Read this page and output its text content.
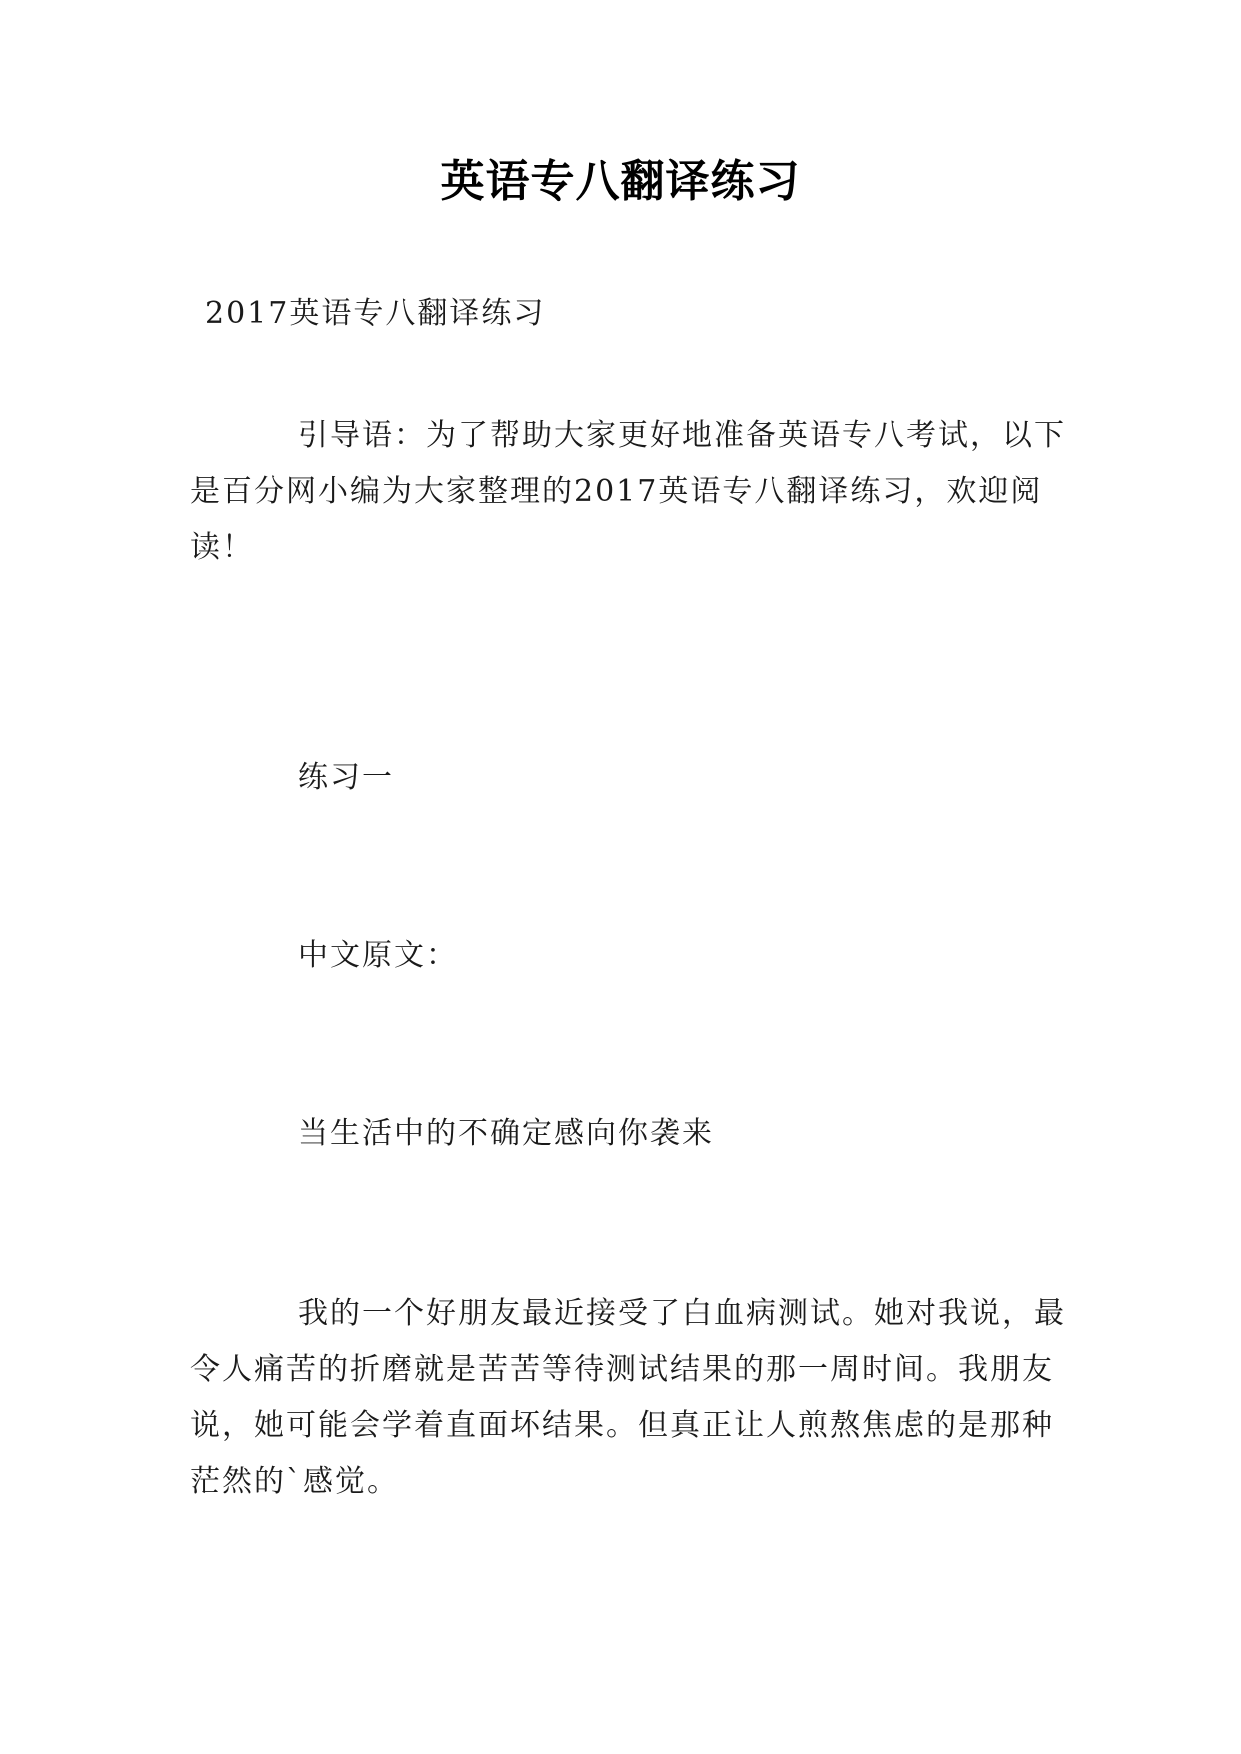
英语专八翻译练习
2017英语专八翻译练习
引导语：为了帮助大家更好地准备英语专八考试，以下是百分网小编为大家整理的2017英语专八翻译练习，欢迎阅读！
练习一
中文原文：
当生活中的不确定感向你袭来
我的一个好朋友最近接受了白血病测试。她对我说，最令人痛苦的折磨就是苦苦等待测试结果的那一周时间。我朋友说，她可能会学着直面坏结果。但真正让人煎熬焦虑的是那种茫然的`感觉。
